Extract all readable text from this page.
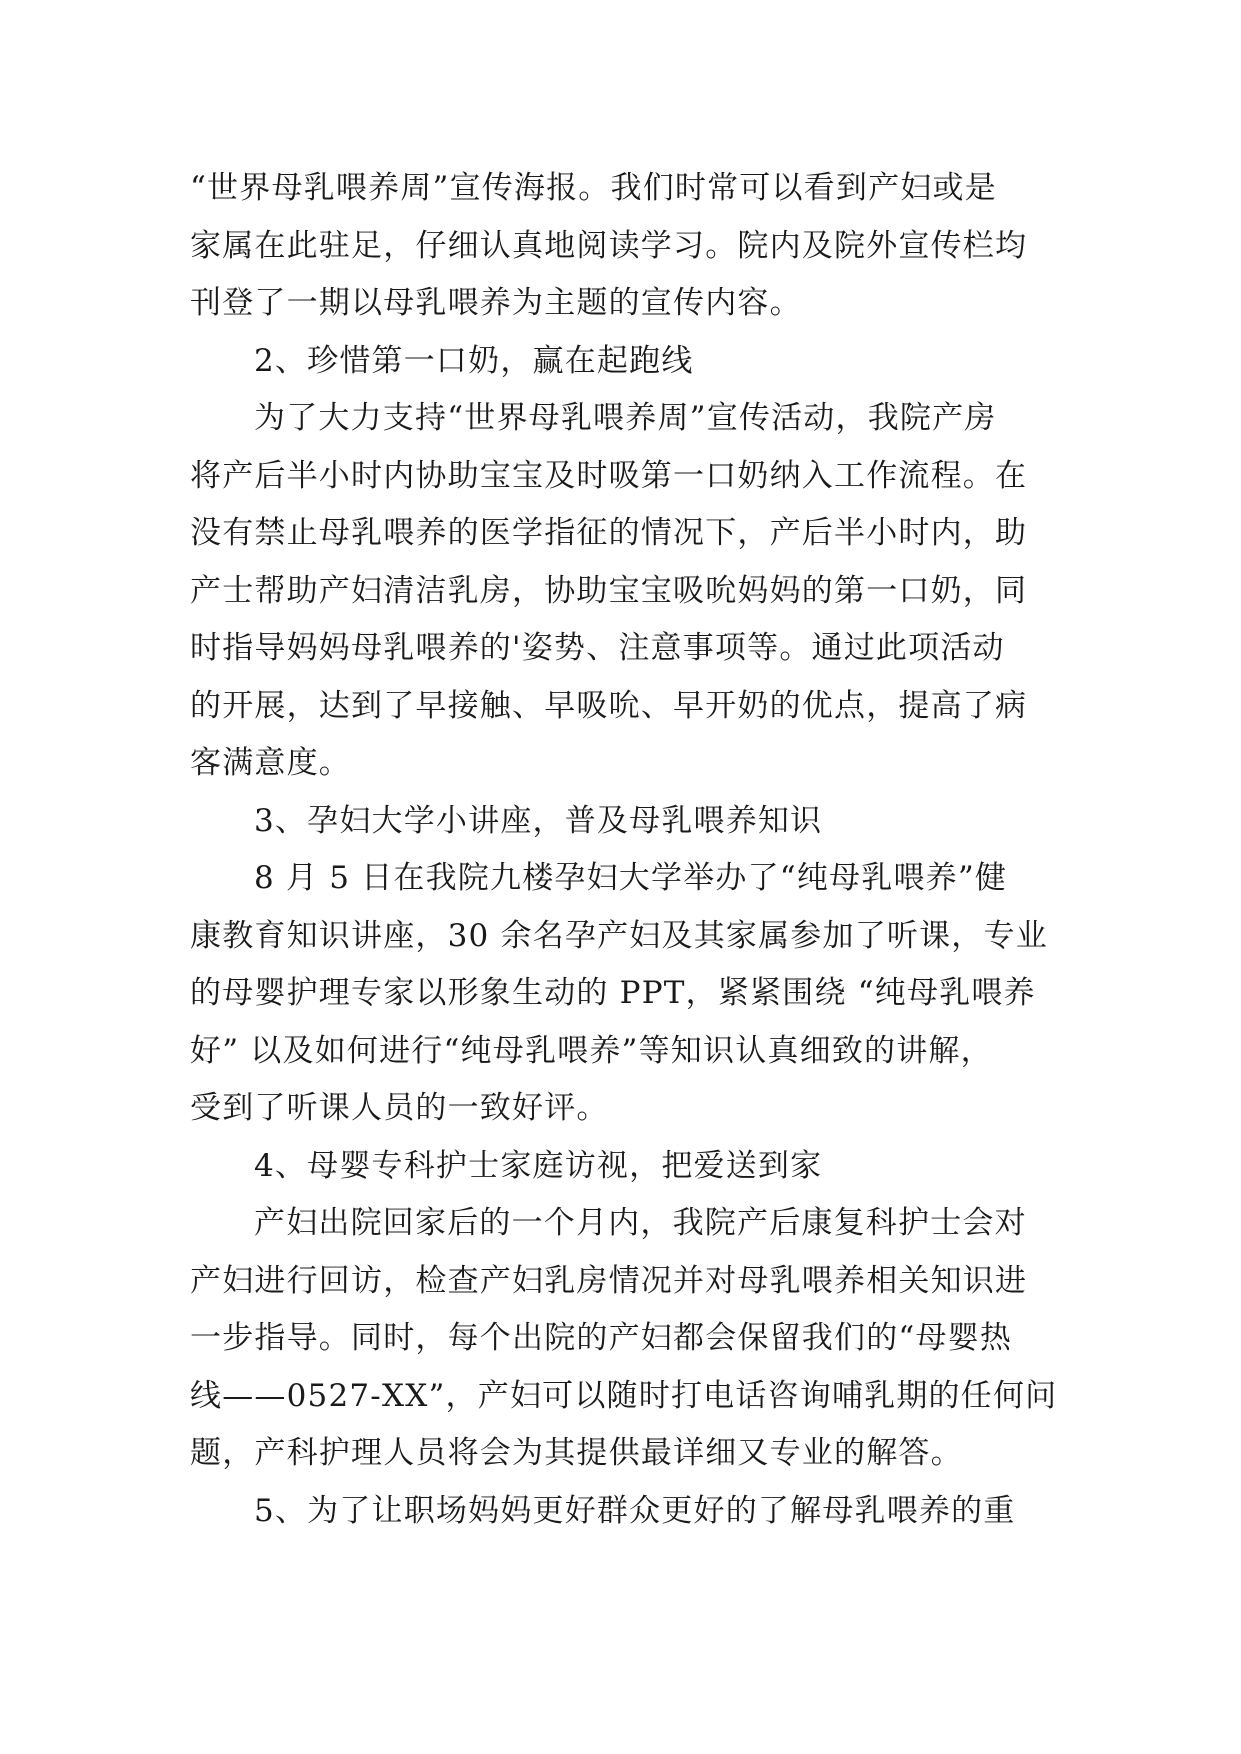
“世界母乳喂养周”宣传海报。我们时常可以看到产妇或是
家属在此驻足，仔细认真地阅读学习。院内及院外宣传栏均
刊登了一期以母乳喂养为主题的宣传内容。
2、珍惜第一口奶，赢在起跑线
为了大力支持“世界母乳喂养周”宣传活动，我院产房
将产后半小时内协助宝宝及时吸第一口奶纳入工作流程。在
没有禁止母乳喂养的医学指征的情况下，产后半小时内，助
产士帮助产妇清洁乳房，协助宝宝吸吮妈妈的第一口奶，同
时指导妈妈母乳喂养的'姿势、注意事项等。通过此项活动
的开展，达到了早接触、早吸吮、早开奶的优点，提高了病
客满意度。
3、孕妇大学小讲座，普及母乳喂养知识
8 月 5 日在我院九楼孕妇大学举办了“纯母乳喂养”健
康教育知识讲座，30 余名孕产妇及其家属参加了听课，专业
的母婴护理专家以形象生动的 PPT，紧紧围绕 “纯母乳喂养
好” 以及如何进行“纯母乳喂养”等知识认真细致的讲解，
受到了听课人员的一致好评。
4、母婴专科护士家庭访视，把爱送到家
产妇出院回家后的一个月内，我院产后康复科护士会对
产妇进行回访，检查产妇乳房情况并对母乳喂养相关知识进
一步指导。同时，每个出院的产妇都会保留我们的“母婴热
线——0527-XX”，产妇可以随时打电话咨询哺乳期的任何问
题，产科护理人员将会为其提供最详细又专业的解答。
5、为了让职场妈妈更好群众更好的了解母乳喂养的重
